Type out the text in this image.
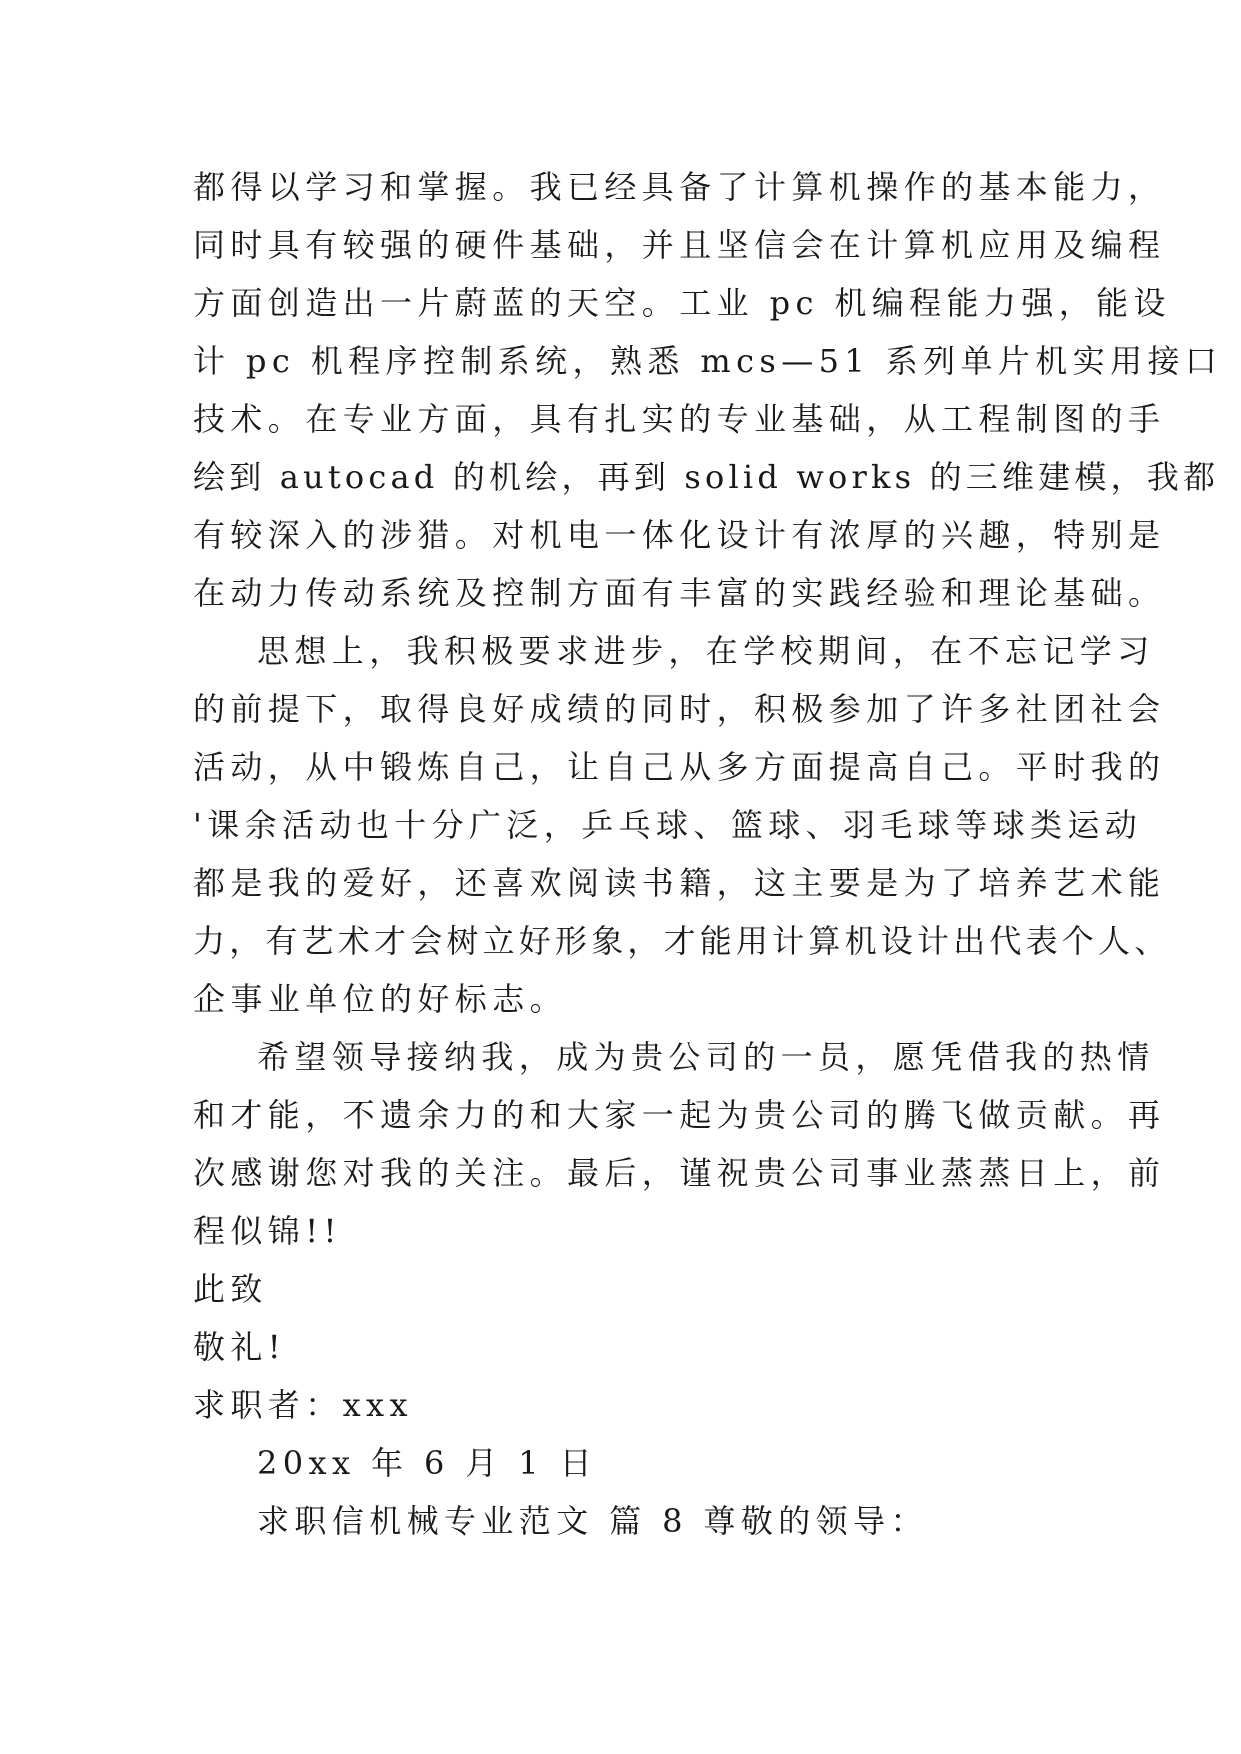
都得以学习和掌握。我已经具备了计算机操作的基本能力，
同时具有较强的硬件基础，并且坚信会在计算机应用及编程
方面创造出一片蔚蓝的天空。工业 pc 机编程能力强，能设
计 pc 机程序控制系统，熟悉 mcs—51 系列单片机实用接口
技术。在专业方面，具有扎实的专业基础，从工程制图的手
绘到 autocad 的机绘，再到 solid works 的三维建模，我都
有较深入的涉猎。对机电一体化设计有浓厚的兴趣，特别是
在动力传动系统及控制方面有丰富的实践经验和理论基础。
思想上，我积极要求进步，在学校期间，在不忘记学习
的前提下，取得良好成绩的同时，积极参加了许多社团社会
活动，从中锻炼自己，让自己从多方面提高自己。平时我的
'课余活动也十分广泛，乒乓球、篮球、羽毛球等球类运动
都是我的爱好，还喜欢阅读书籍，这主要是为了培养艺术能
力，有艺术才会树立好形象，才能用计算机设计出代表个人、
企事业单位的好标志。
希望领导接纳我，成为贵公司的一员，愿凭借我的热情
和才能，不遗余力的和大家一起为贵公司的腾飞做贡献。再
次感谢您对我的关注。最后，谨祝贵公司事业蒸蒸日上，前
程似锦!!
此致
敬礼!
求职者：xxx
20xx 年 6 月 1 日
求职信机械专业范文 篇 8 尊敬的领导：
